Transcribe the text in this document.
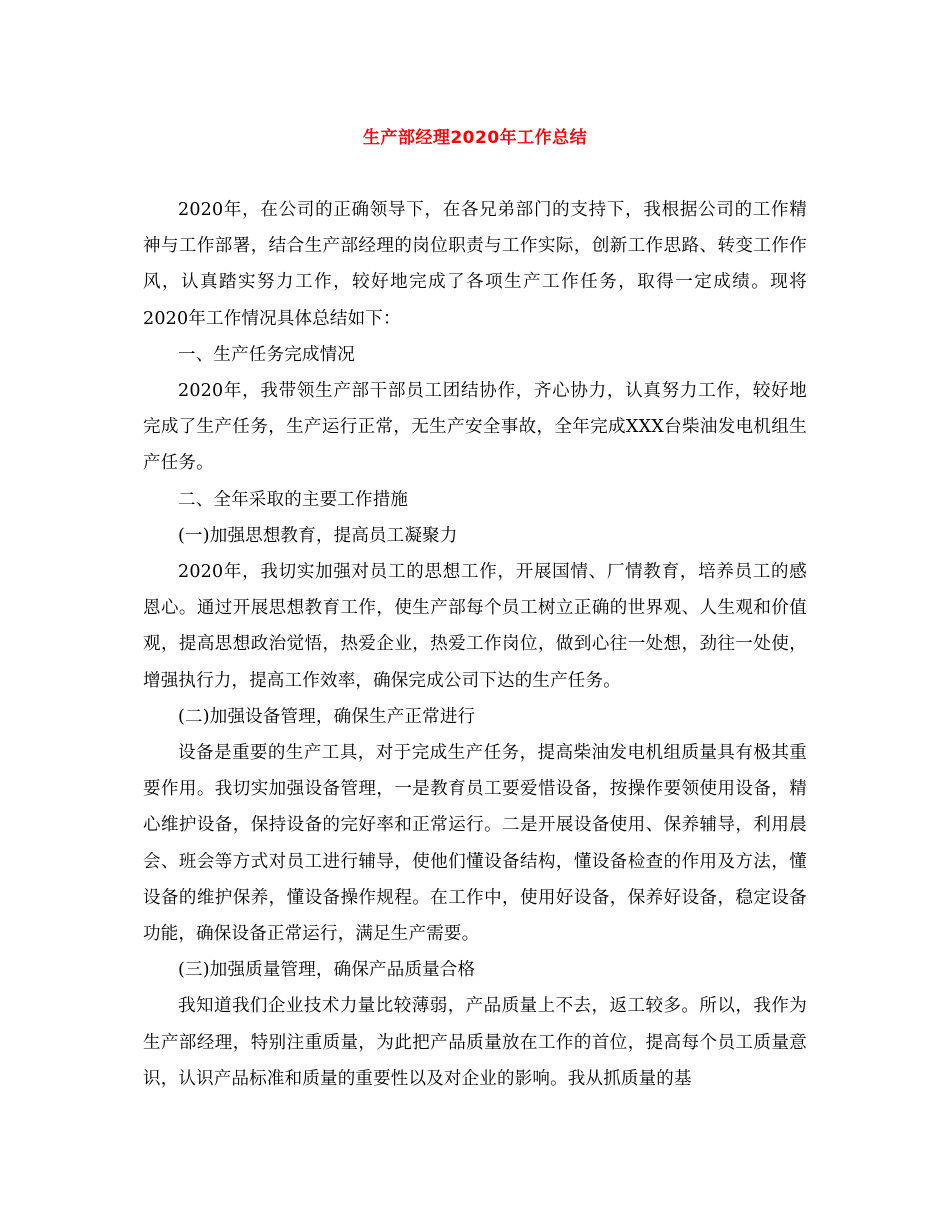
生产部经理2020年工作总结

2020年，在公司的正确领导下，在各兄弟部门的支持下，我根据公司的工作精神与工作部署，结合生产部经理的岗位职责与工作实际，创新工作思路、转变工作作风，认真踏实努力工作，较好地完成了各项生产工作任务，取得一定成绩。现将2020年工作情况具体总结如下：

一、生产任务完成情况

2020年，我带领生产部干部员工团结协作，齐心协力，认真努力工作，较好地完成了生产任务，生产运行正常，无生产安全事故，全年完成XXX台柴油发电机组生产任务。

二、全年采取的主要工作措施

(一)加强思想教育，提高员工凝聚力

2020年，我切实加强对员工的思想工作，开展国情、厂情教育，培养员工的感恩心。通过开展思想教育工作，使生产部每个员工树立正确的世界观、人生观和价值观，提高思想政治觉悟，热爱企业，热爱工作岗位，做到心往一处想，劲往一处使，增强执行力，提高工作效率，确保完成公司下达的生产任务。

(二)加强设备管理，确保生产正常进行

设备是重要的生产工具，对于完成生产任务，提高柴油发电机组质量具有极其重要作用。我切实加强设备管理，一是教育员工要爱惜设备，按操作要领使用设备，精心维护设备，保持设备的完好率和正常运行。二是开展设备使用、保养辅导，利用晨会、班会等方式对员工进行辅导，使他们懂设备结构，懂设备检查的作用及方法，懂设备的维护保养，懂设备操作规程。在工作中，使用好设备，保养好设备，稳定设备功能，确保设备正常运行，满足生产需要。

(三)加强质量管理，确保产品质量合格

我知道我们企业技术力量比较薄弱，产品质量上不去，返工较多。所以，我作为生产部经理，特别注重质量，为此把产品质量放在工作的首位，提高每个员工质量意识，认识产品标准和质量的重要性以及对企业的影响。我从抓质量的基
